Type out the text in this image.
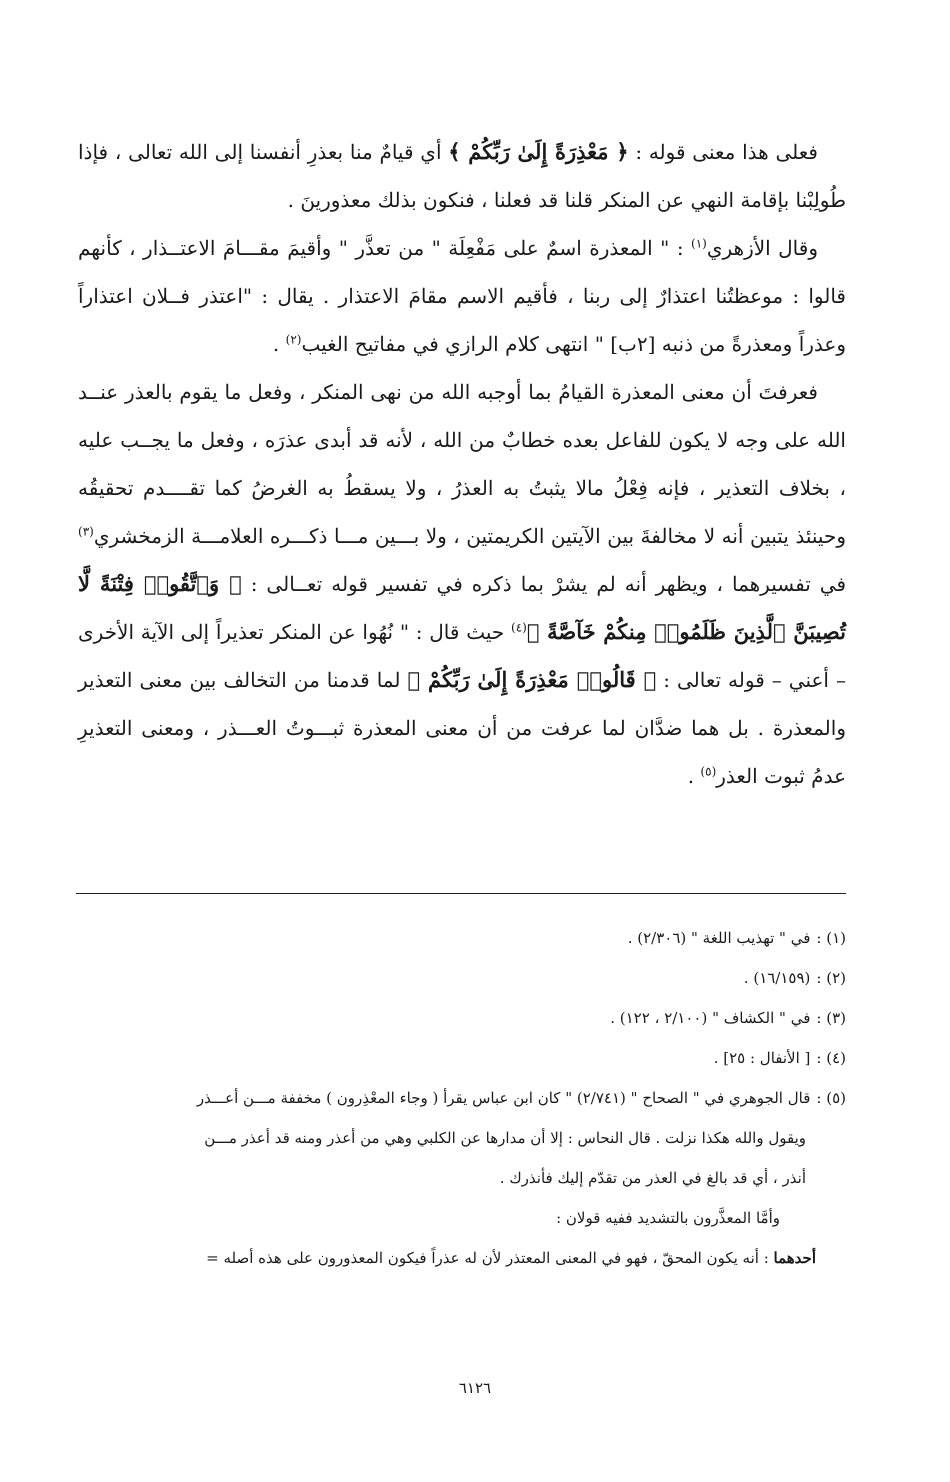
فعلى هذا معنى قوله : ﴿ مَعْذِرَةً إِلَىٰ رَبِّكُمْ ﴾ أي قيامٌ منا بعذرِ أنفسنا إلى الله تعالى ، فإذا طُولِبْنا بإقامة النهي عن المنكر قلنا قد فعلنا ، فنكون بذلك معذورينَ .

وقال الأزهري$^{(١)}$ : " المعذرة اسمٌ على مَفْعِلَة " من تعذَّر " وأقيمَ مقـــامَ الاعتــذار ، كأنهم قالوا : موعظتُنا اعتذارٌ إلى ربنا ، فأقيم الاسم مقامَ الاعتذار . يقال : "اعتذر فــلان اعتذاراً وعذراً ومعذرةً من ذنبه [٢ب] " انتهى كلام الرازي في مفاتيح الغيب$^{(٢)}$ .

فعرفتَ أن معنى المعذرة القيامُ بما أوجبه الله من نهى المنكر ، وفعل ما يقوم بالعذر عنــد الله على وجه لا يكون للفاعل بعده خطابٌ من الله ، لأنه قد أبدى عذرَه ، وفعل ما يجــب عليه ، بخلاف التعذير ، فإنه فِعْلُ مالا يثبتُ به العذرُ ، ولا يسقطُ به الغرضُ كما تقــــدم تحقيقُه وحينئذ يتبين أنه لا مخالفةَ بين الآيتين الكريمتين ، ولا بـــين مـــا ذكـــره العلامـــة الزمخشري$^{(٣)}$ في تفسيرهما ، ويظهر أنه لم يشرْ بما ذكره في تفسير قوله تعــالى : ﴿ وَٱتَّقُوا۟ فِتْنَةً لَّا تُصِيبَنَّ ٱلَّذِينَ ظَلَمُوا۟ مِنكُمْ خَآصَّةً ﴾$^{(٤)}$ حيث قال : " نُهُوا عن المنكر تعذيراً إلى الآية الأخرى – أعني – قوله تعالى : ﴿ قَالُوا۟ مَعْذِرَةً إِلَىٰ رَبِّكُمْ ﴾ لما قدمنا من التخالف بين معنى التعذير والمعذرة . بل هما ضدَّان لما عرفت من أن معنى المعذرة ثبـــوتُ العـــذر ، ومعنى التعذيرِ عدمُ ثبوت العذر$^{(٥)}$ .

(١) :في " تهذيب اللغة " (٢/٣٠٦) .

(٢) :(١٦/١٥٩) .

(٣) :في " الكشاف " (٢/١٠٠ ، ١٢٢) .

(٤) :[ الأنفال : ٢٥] .

(٥) :قال الجوهري في " الصحاح " (٢/٧٤١) " كان ابن عباس يقرأ ( وجاء المعْذِرون ) مخففة مـــن أعـــذر

ويقول والله هكذا نزلت . قال النحاس : إلا أن مدارها عن الكلبي وهي من أعذر ومنه قد أعذر مـــن

أنذر ، أي قد بالغ في العذر من تقدّم إليك فأنذرك .

وأمَّا المعذَّرون بالتشديد ففيه قولان :

أحدهما : أنه يكون المحقّ ، فهو في المعنى المعتذر لأن له عذراً فيكون المعذورون على هذه أصله =

٦١٢٦
